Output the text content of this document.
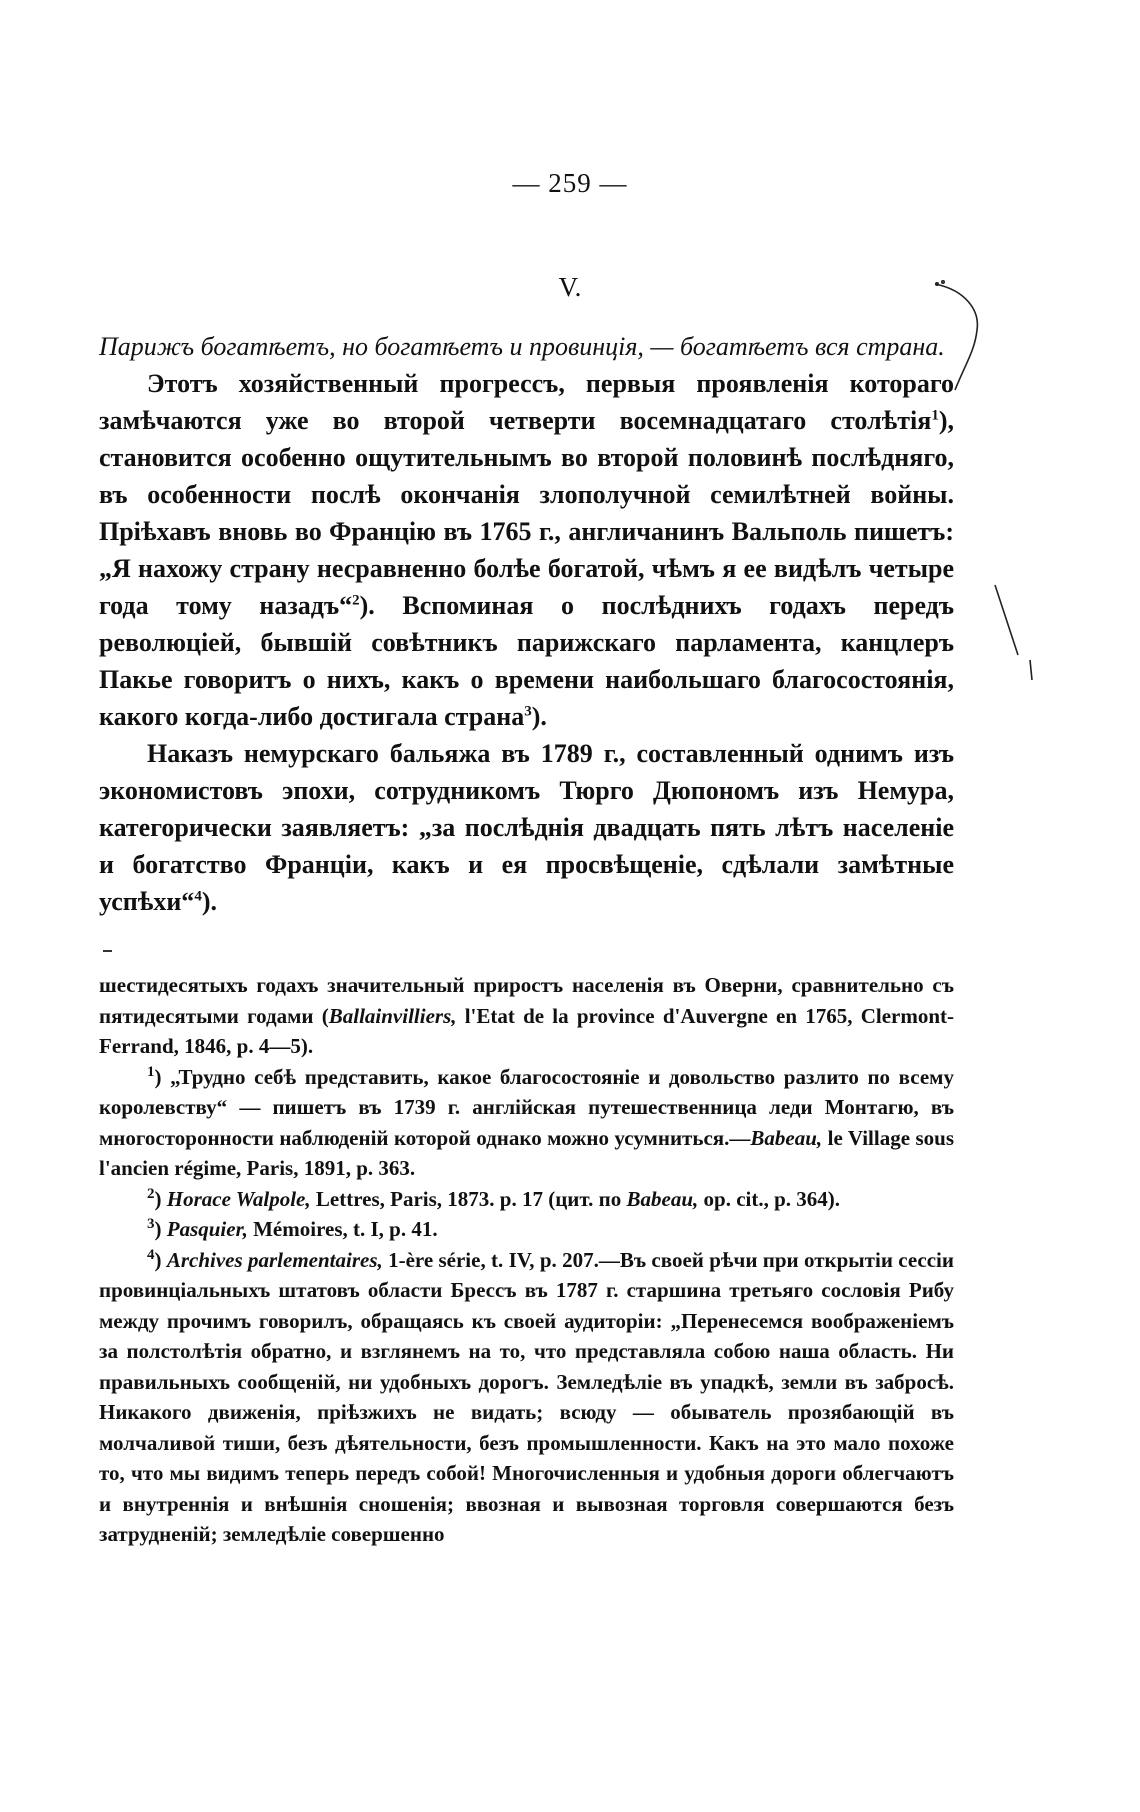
— 259 —
V.

Парижъ богатѣетъ, но богатѣетъ и провинція, — богатѣетъ вся страна.

Этотъ хозяйственный прогрессъ, первыя проявленія котораго замѣчаются уже во второй четверти восемнадцатаго столѣтія$^1$), становится особенно ощутительнымъ во второй половинѣ послѣдняго, въ особенности послѣ окончанія злополучной семилѣтней войны. Пріѣхавъ вновь во Францію въ 1765 г., англичанинъ Вальполь пишетъ: „Я нахожу страну несравненно болѣе богатой, чѣмъ я ее видѣлъ четыре года тому назадъ“$^2$). Вспоминая о послѣднихъ годахъ передъ революціей, бывшій совѣтникъ парижскаго парламента, канцлеръ Пакье говоритъ о нихъ, какъ о времени наибольшаго благосостоянія, какого когда-либо достигала страна$^3$).

Наказъ немурскаго бальяжа въ 1789 г., составленный однимъ изъ экономистовъ эпохи, сотрудникомъ Тюрго Дюпономъ изъ Немура, категорически заявляетъ: „за послѣднія двадцать пять лѣтъ населеніе и богатство Франціи, какъ и ея просвѣщеніе, сдѣлали замѣтные успѣхи“$^4$).

шестидесятыхъ годахъ значительный приростъ населенія въ Оверни, сравнительно съ пятидесятыми годами (Ballainvilliers, l'Etat de la province d'Auvergne en 1765, Clermont-Ferrand, 1846, p. 4—5).

$^1$) „Трудно себѣ представить, какое благосостояніе и довольство разлито по всему королевству“ — пишетъ въ 1739 г. англійская путешественница леди Монтагю, въ многосторонности наблюденій которой однако можно усумниться.—Babeau, le Village sous l'ancien régime, Paris, 1891, p. 363.

$^2$) Horace Walpole, Lettres, Paris, 1873. p. 17 (цит. по Babeau, op. cit., p. 364).

$^3$) Pasquier, Mémoires, t. I, p. 41.

$^4$) Archives parlementaires, 1-ère série, t. IV, p. 207.—Въ своей рѣчи при открытіи сессіи провинціальныхъ штатовъ области Брессъ въ 1787 г. старшина третьяго сословія Рибу между прочимъ говорилъ, обращаясь къ своей аудиторіи: „Перенесемся воображеніемъ за полстолѣтія обратно, и взглянемъ на то, что представляла собою наша область. Ни правильныхъ сообщеній, ни удобныхъ дорогъ. Земледѣліе въ упадкѣ, земли въ забросѣ. Никакого движенія, пріѣзжихъ не видать; всюду — обыватель прозябающій въ молчаливой тиши, безъ дѣятельности, безъ промышленности. Какъ на это мало похоже то, что мы видимъ теперь передъ собой! Многочисленныя и удобныя дороги облегчаютъ и внутреннія и внѣшнія сношенія; ввозная и вывозная торговля совершаются безъ затрудненій; земледѣліе совершенно
